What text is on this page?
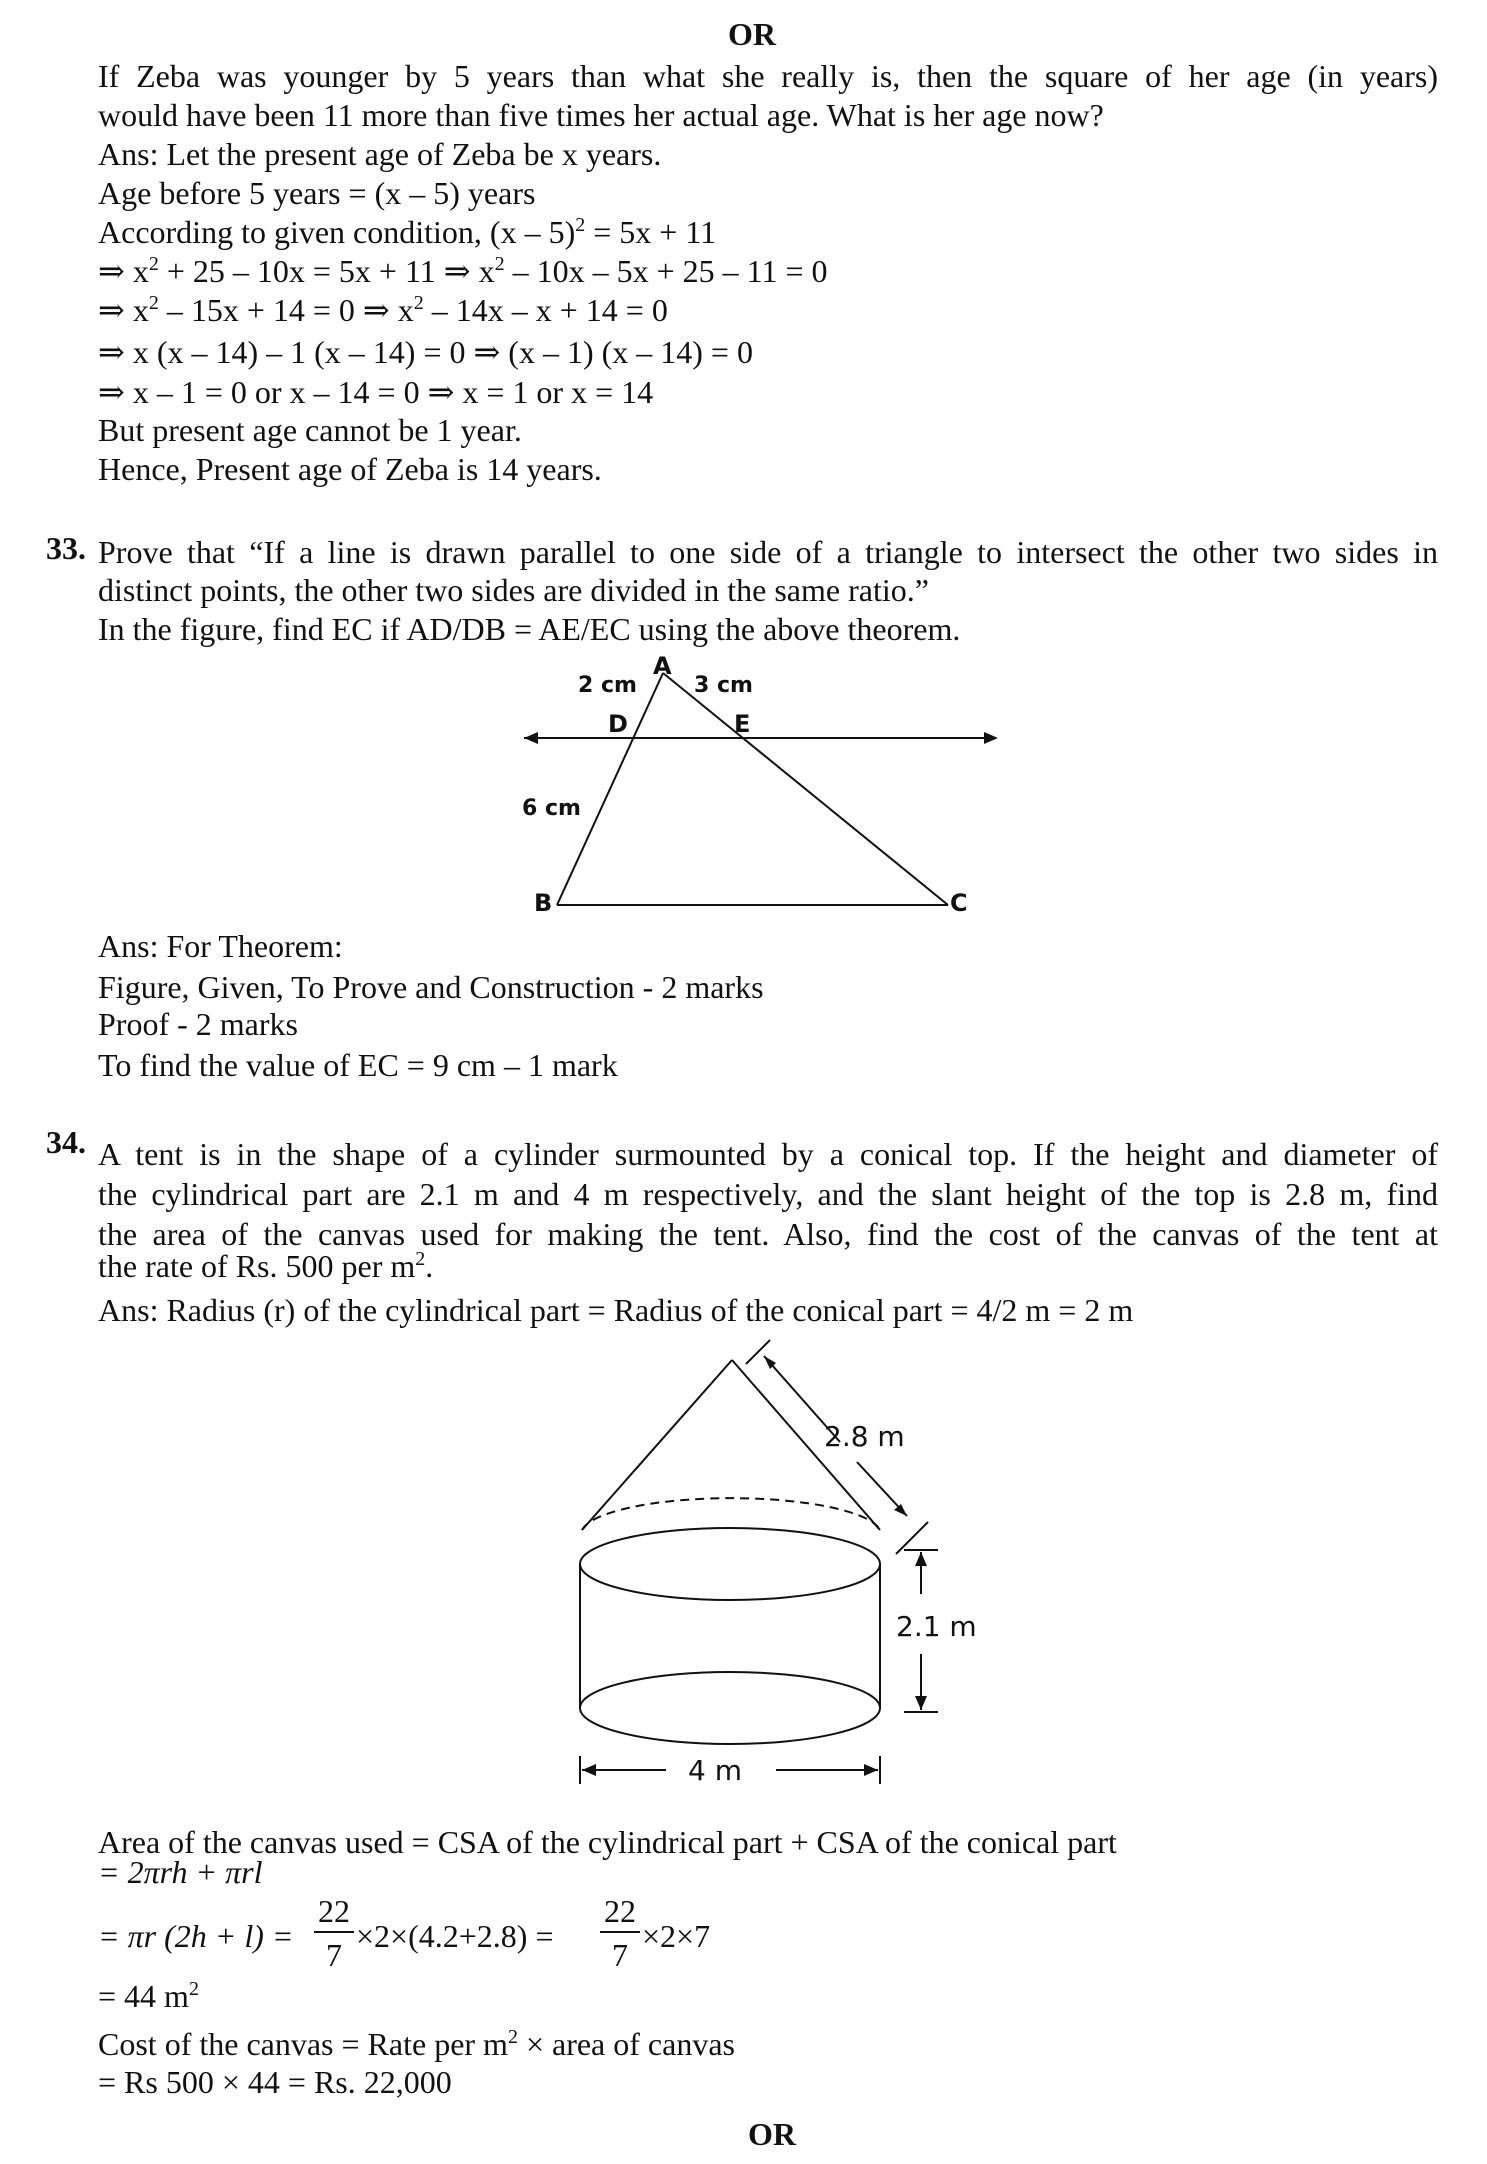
OR
If Zeba was younger by 5 years than what she really is, then the square of her age (in years)
would have been 11 more than five times her actual age. What is her age now?
Ans: Let the present age of Zeba be x years.
Age before 5 years = (x – 5) years
According to given condition, (x – 5)$^2$ = 5x + 11
⇒ $x^2 + 25 - 10x = 5x + 11$ ⇒ $x^2 - 10x - 5x + 25 - 11 = 0$
⇒ $x^2 - 15x + 14 = 0$ ⇒ $x^2 - 14x - x + 14 = 0$
⇒ x (x – 14) – 1 (x – 14) = 0 ⇒ (x – 1) (x – 14) = 0
⇒ x – 1 = 0 or x – 14 = 0 ⇒ x = 1 or x = 14
But present age cannot be 1 year.
Hence, Present age of Zeba is 14 years.
33. Prove that “If a line is drawn parallel to one side of a triangle to intersect the other two sides in
distinct points, the other two sides are divided in the same ratio.”
In the figure, find EC if AD/DB = AE/EC using the above theorem.
A
D	E
B	C
2 cm	3 cm
6 cm
Ans: For Theorem:
Figure, Given, To Prove and Construction - 2 marks
Proof - 2 marks
To find the value of EC = 9 cm – 1 mark
34. A tent is in the shape of a cylinder surmounted by a conical top. If the height and diameter of
the cylindrical part are 2.1 m and 4 m respectively, and the slant height of the top is 2.8 m, find
the area of the canvas used for making the tent. Also, find the cost of the canvas of the tent at
the rate of Rs. 500 per $m^2$.
Ans: Radius (r) of the cylindrical part = Radius of the conical part = 4/2 m = 2 m
2.8 m
2.1 m
4 m
Area of the canvas used = CSA of the cylindrical part + CSA of the conical part
= 2πrh + πrl
= πr (2h + l) =
22
7
×2×(4.2+2.8) =
22
7
×2×7
= 44 $m^2$
Cost of the canvas = Rate per $m^2$ × area of canvas
= Rs 500 × 44 = Rs. 22,000
OR
